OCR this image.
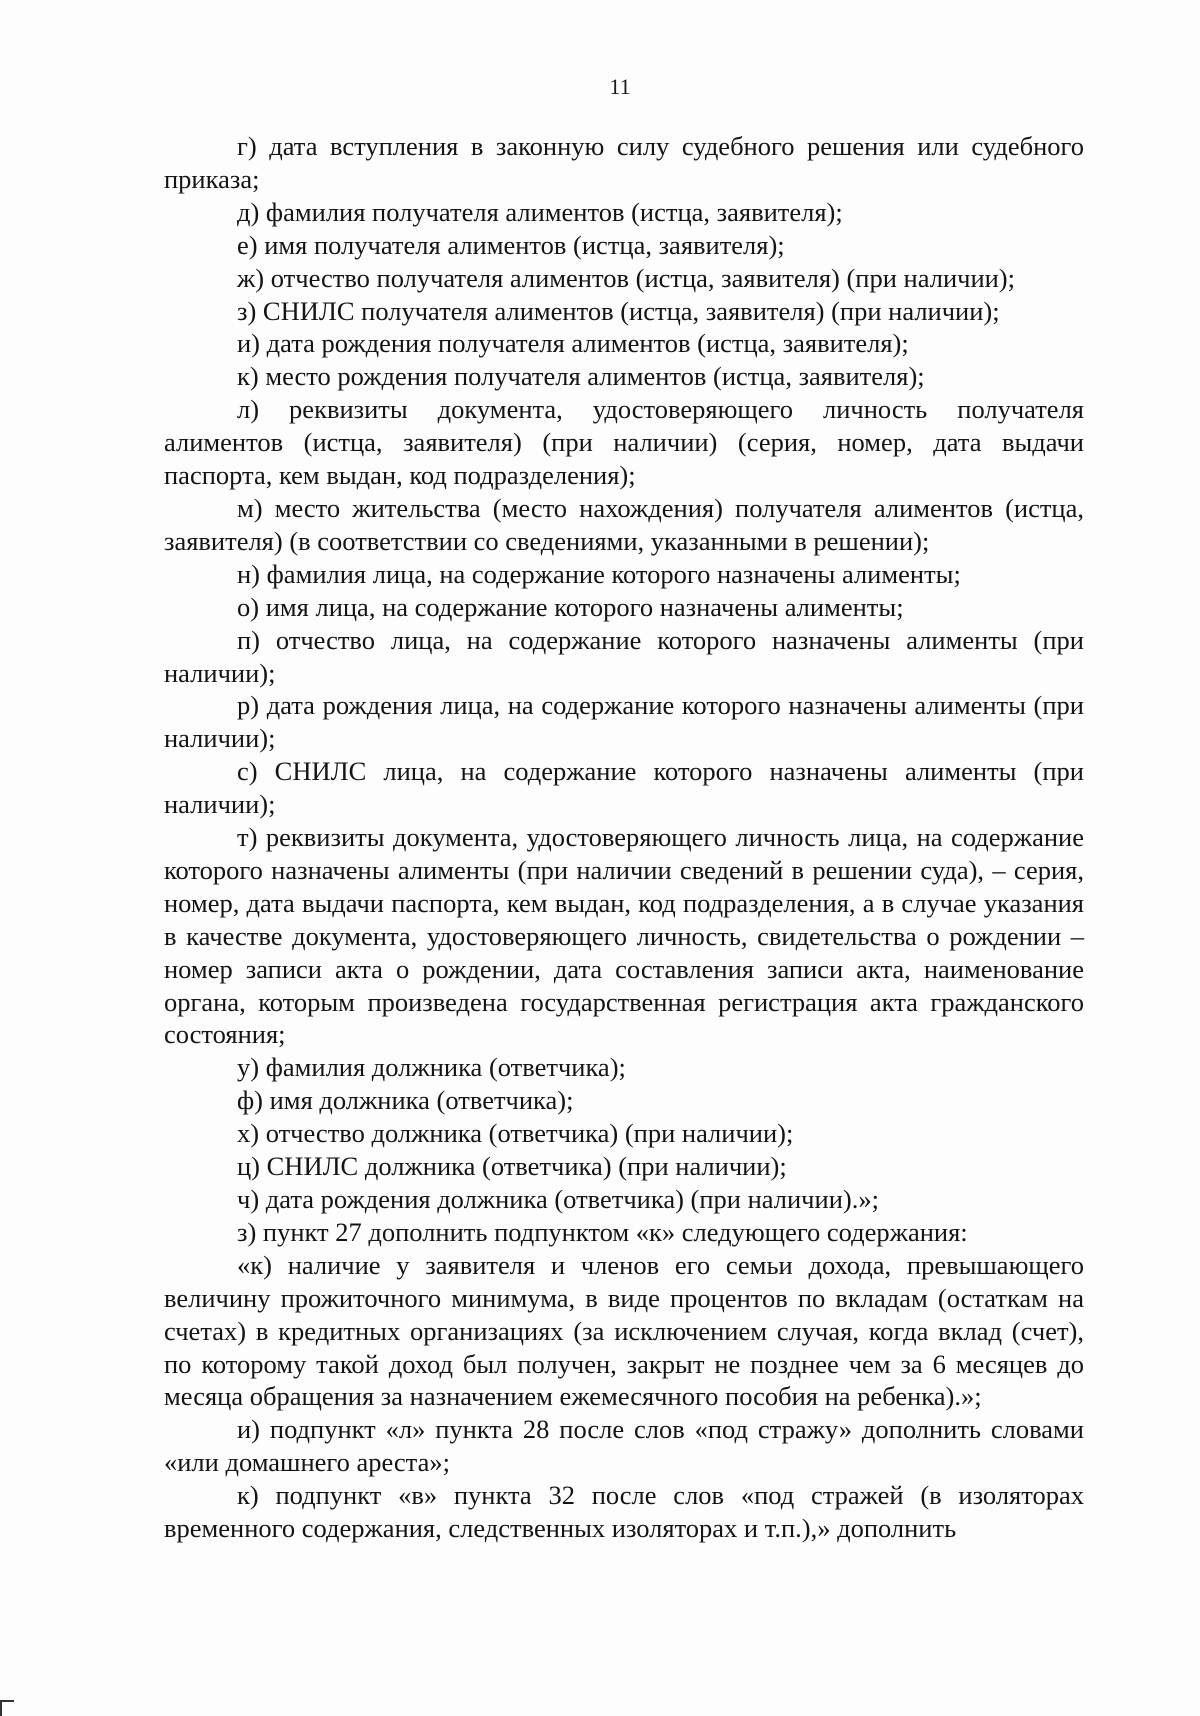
11

г) дата вступления в законную силу судебного решения или судебного приказа;

д) фамилия получателя алиментов (истца, заявителя);

е) имя получателя алиментов (истца, заявителя);

ж) отчество получателя алиментов (истца, заявителя) (при наличии);

з) СНИЛС получателя алиментов (истца, заявителя) (при наличии);

и) дата рождения получателя алиментов (истца, заявителя);

к) место рождения получателя алиментов (истца, заявителя);

л) реквизиты документа, удостоверяющего личность получателя алиментов (истца, заявителя) (при наличии) (серия, номер, дата выдачи паспорта, кем выдан, код подразделения);

м) место жительства (место нахождения) получателя алиментов (истца, заявителя) (в соответствии со сведениями, указанными в решении);

н) фамилия лица, на содержание которого назначены алименты;

о) имя лица, на содержание которого назначены алименты;

п) отчество лица, на содержание которого назначены алименты (при наличии);

р) дата рождения лица, на содержание которого назначены алименты (при наличии);

с) СНИЛС лица, на содержание которого назначены алименты (при наличии);

т) реквизиты документа, удостоверяющего личность лица, на содержание которого назначены алименты (при наличии сведений в решении суда), – серия, номер, дата выдачи паспорта, кем выдан, код подразделения, а в случае указания в качестве документа, удостоверяющего личность, свидетельства о рождении – номер записи акта о рождении, дата составления записи акта, наименование органа, которым произведена государственная регистрация акта гражданского состояния;

у) фамилия должника (ответчика);

ф) имя должника (ответчика);

х) отчество должника (ответчика) (при наличии);

ц) СНИЛС должника (ответчика) (при наличии);

ч) дата рождения должника (ответчика) (при наличии).»;

з) пункт 27 дополнить подпунктом «к» следующего содержания:

«к) наличие у заявителя и членов его семьи дохода, превышающего величину прожиточного минимума, в виде процентов по вкладам (остаткам на счетах) в кредитных организациях (за исключением случая, когда вклад (счет), по которому такой доход был получен, закрыт не позднее чем за 6 месяцев до месяца обращения за назначением ежемесячного пособия на ребенка).»;

и) подпункт «л» пункта 28 после слов «под стражу» дополнить словами «или домашнего ареста»;

к) подпункт «в» пункта 32 после слов «под стражей (в изоляторах временного содержания, следственных изоляторах и т.п.),» дополнить
